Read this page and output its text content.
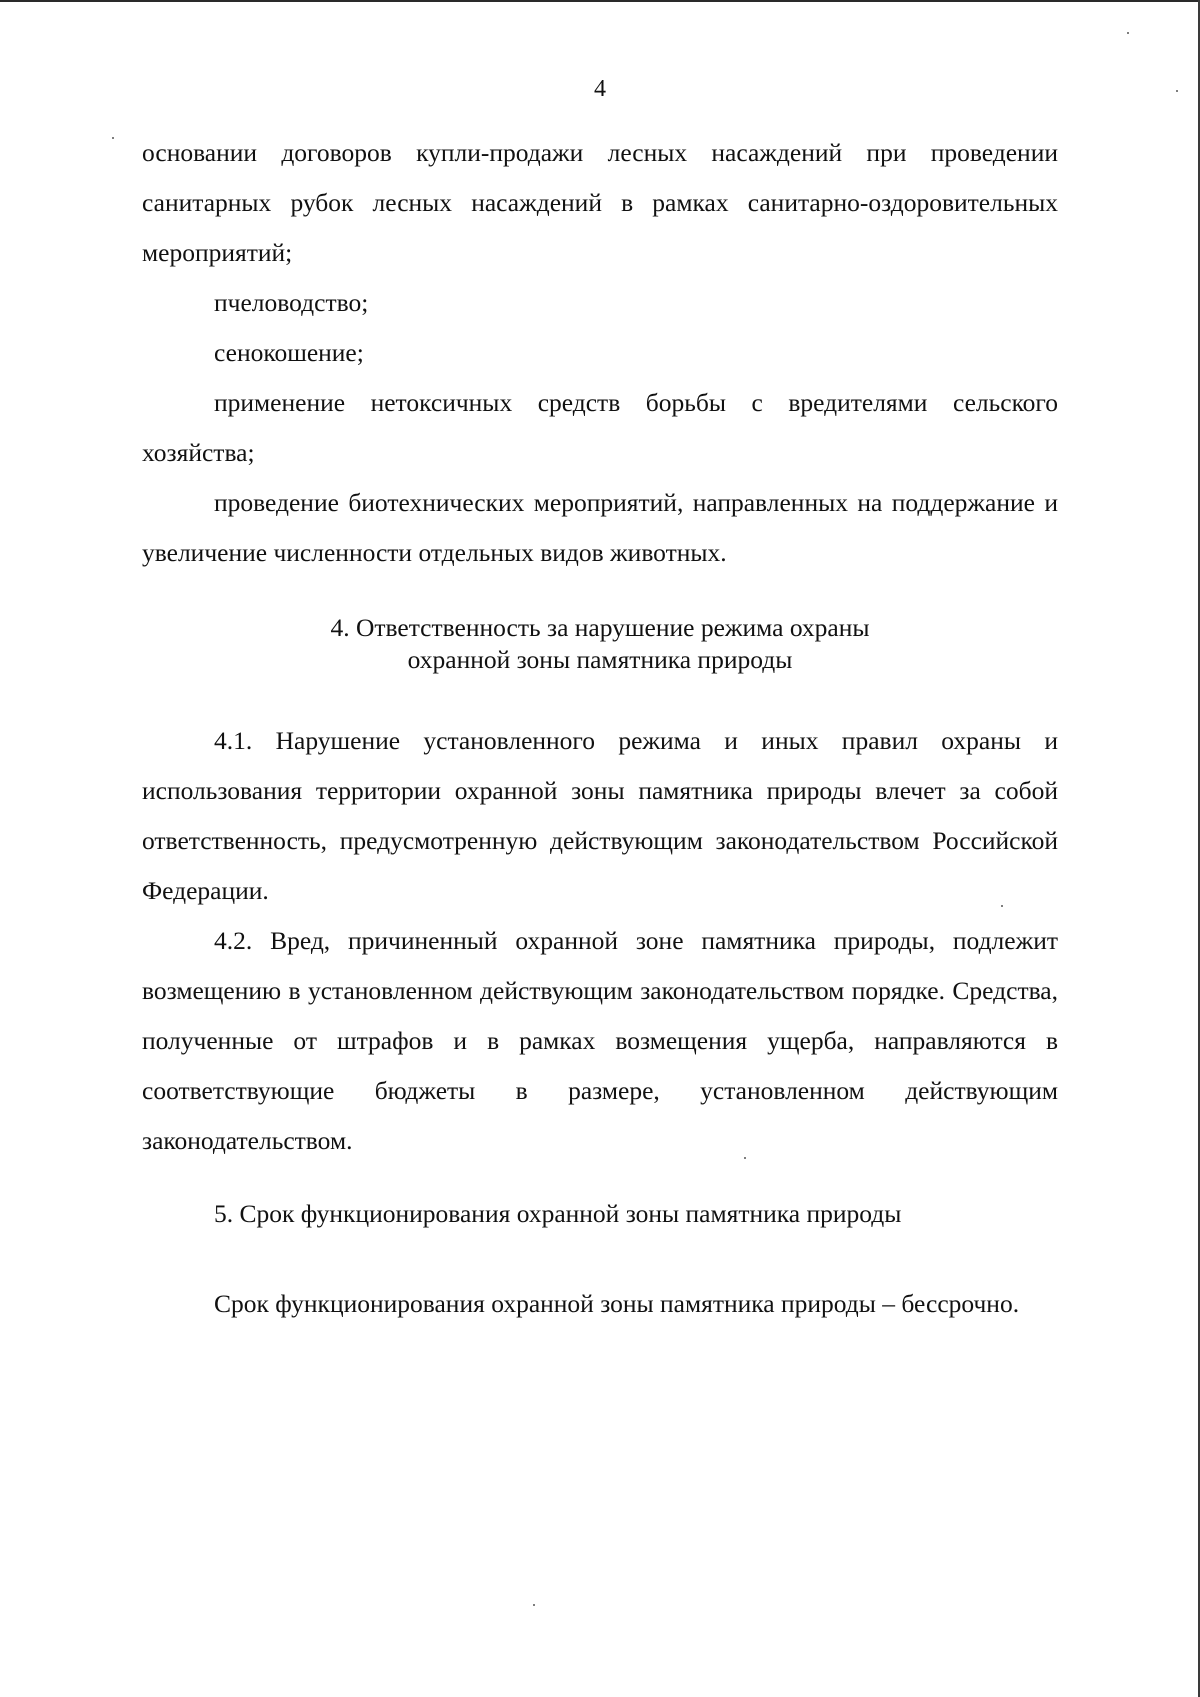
4

основании договоров купли-продажи лесных насаждений при проведении санитарных рубок лесных насаждений в рамках санитарно-оздоровительных мероприятий;

пчеловодство;

сенокошение;

применение нетоксичных средств борьбы с вредителями сельского хозяйства;

проведение биотехнических мероприятий, направленных на поддержание и увеличение численности отдельных видов животных.

4. Ответственность за нарушение режима охраны

охранной зоны памятника природы

4.1. Нарушение установленного режима и иных правил охраны и использования территории охранной зоны памятника природы влечет за собой ответственность, предусмотренную действующим законодательством Российской Федерации.

4.2. Вред, причиненный охранной зоне памятника природы, подлежит возмещению в установленном действующим законодательством порядке. Средства, полученные от штрафов и в рамках возмещения ущерба, направляются в соответствующие бюджеты в размере, установленном действующим законодательством.

5. Срок функционирования охранной зоны памятника природы

Срок функционирования охранной зоны памятника природы – бессрочно.
